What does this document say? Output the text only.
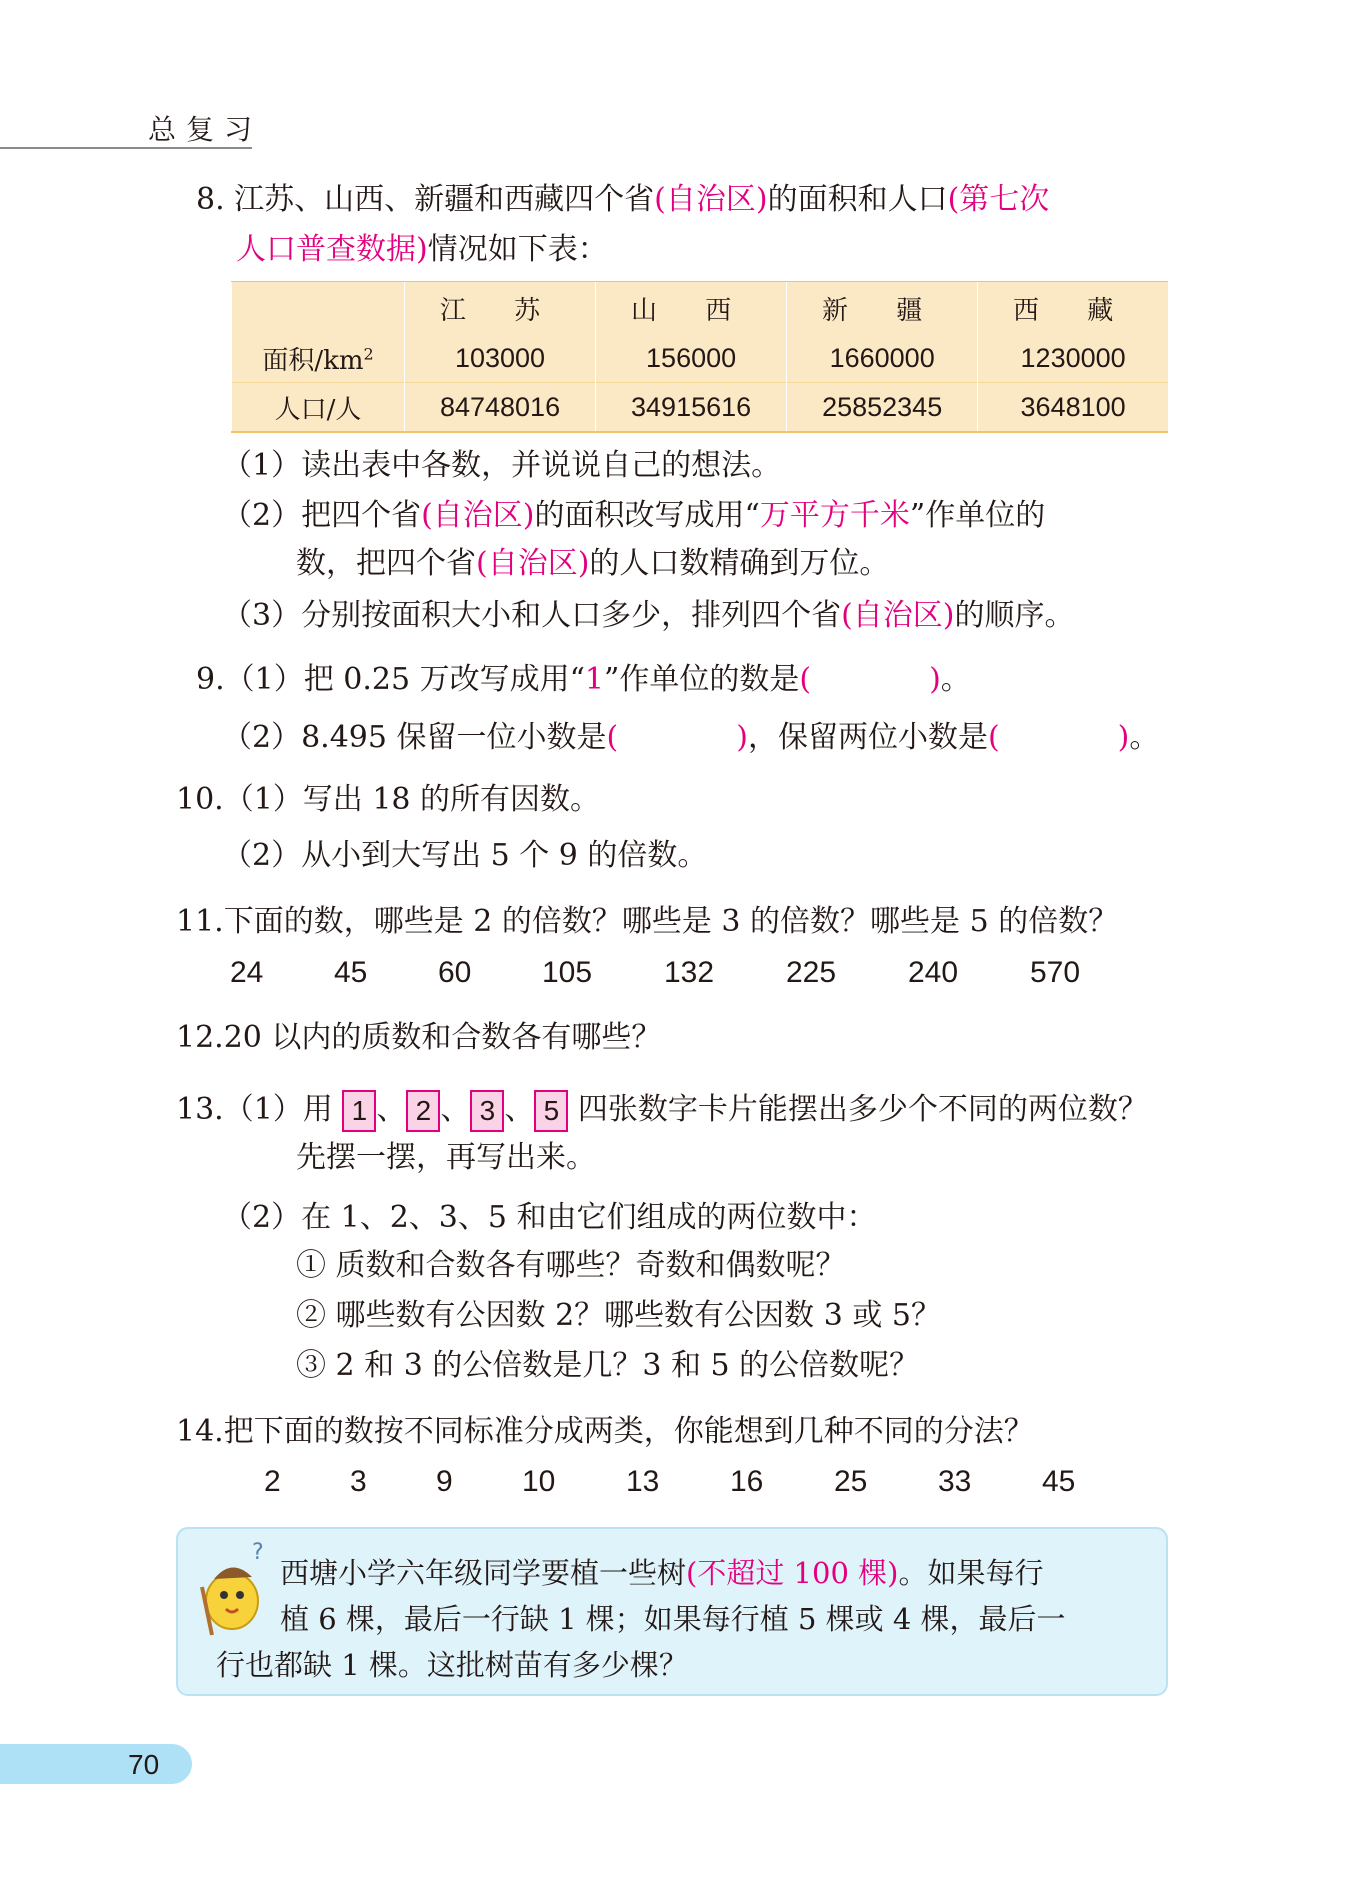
总复习
8. 江苏、山西、新疆和西藏四个省(自治区)的面积和人口(第七次
人口普查数据)情况如下表：
	江 苏	山 西	新 疆	西 藏
面积$/km^2$	103000	156000	1660000	1230000
人口/人	84748016	34915616	25852345	3648100
（1）读出表中各数，并说说自己的想法。
（2）把四个省(自治区)的面积改写成用“万平方千米”作单位的
数，把四个省(自治区)的人口数精确到万位。
（3）分别按面积大小和人口多少，排列四个省(自治区)的顺序。
9.（1）把 0.25 万改写成用“1”作单位的数是(	)。
（2）8.495 保留一位小数是(	)，保留两位小数是(	)。
10.（1）写出 18 的所有因数。
（2）从小到大写出 5 个 9 的倍数。
11.下面的数，哪些是 2 的倍数？哪些是 3 的倍数？哪些是 5 的倍数？
24 45 60 105 132 225 240 570
12.20 以内的质数和合数各有哪些？
13.（1）用 1 、 2 、 3 、 5 四张数字卡片能摆出多少个不同的两位数？
先摆一摆，再写出来。
（2）在 1、2、3、5 和由它们组成的两位数中：
① 质数和合数各有哪些？奇数和偶数呢？
② 哪些数有公因数 2？哪些数有公因数 3 或 5？
③ 2 和 3 的公倍数是几？3 和 5 的公倍数呢？
14.把下面的数按不同标准分成两类，你能想到几种不同的分法？
2 3 9 10 13 16 25 33 45
?
西塘小学六年级同学要植一些树(不超过 100 棵)。如果每行
植 6 棵，最后一行缺 1 棵；如果每行植 5 棵或 4 棵，最后一
行也都缺 1 棵。这批树苗有多少棵？
70
